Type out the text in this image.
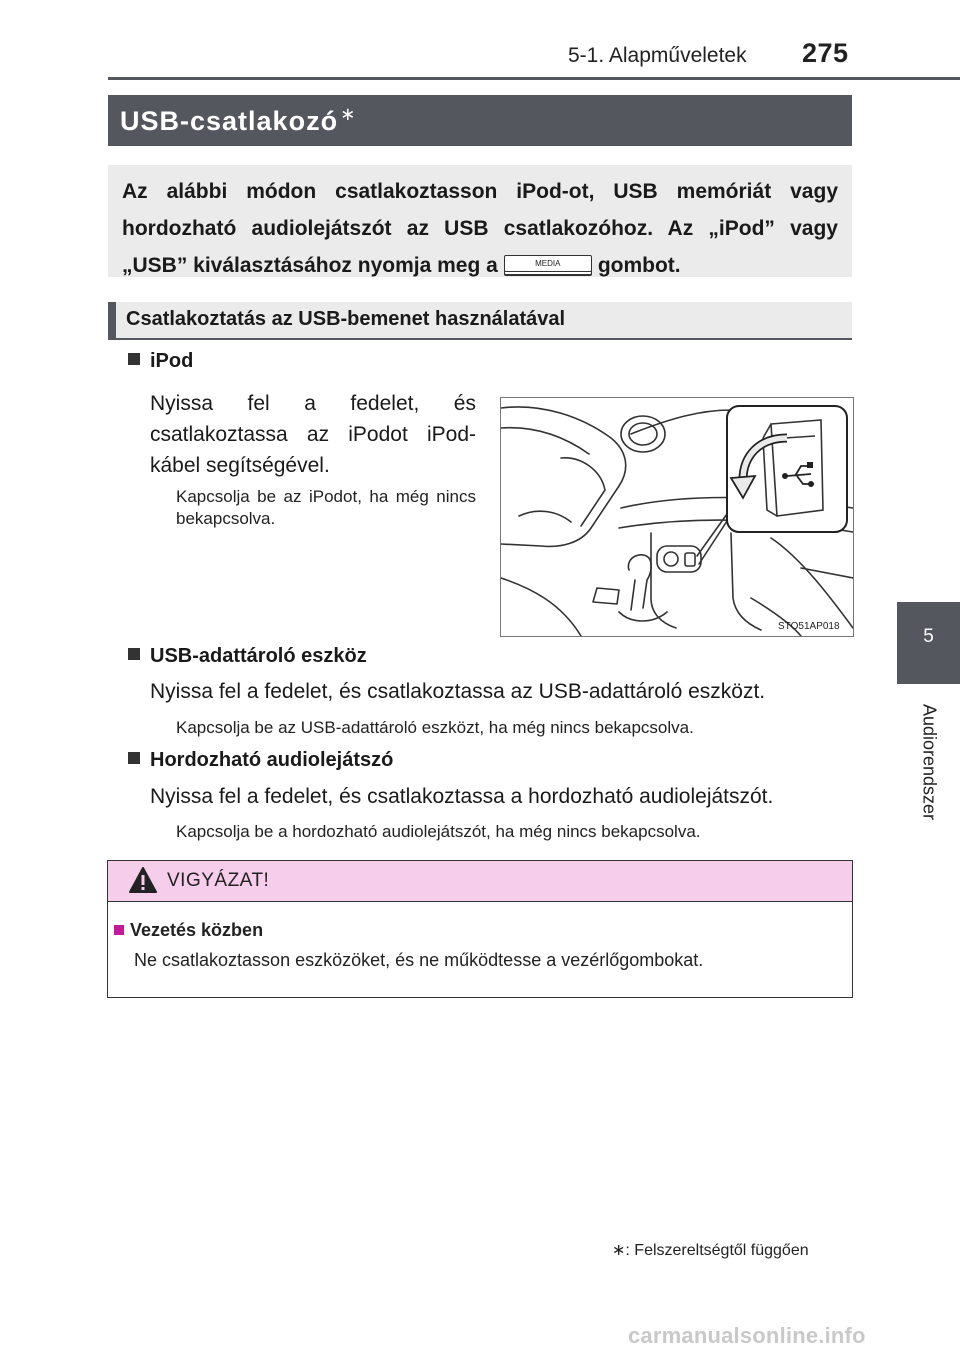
5-1. Alapműveletek 275
5
Audiorendszer
USB-csatlakozó ∗
Az alábbi módon csatlakoztasson iPod-ot, USB memóriát vagy hordozható audiolejátszót az USB csatlakozóhoz. Az „iPod” vagy „USB” kiválasztásához nyomja meg a	MEDIA	gombot.
Csatlakoztatás az USB-bemenet használatával
iPod
Nyissa fel a fedelet, és csatlakoztassa az iPodot iPod-kábel segítségével.
Kapcsolja be az iPodot, ha még nincs bekapcsolva.
STO51AP018
USB-adattároló eszköz
Nyissa fel a fedelet, és csatlakoztassa az USB-adattároló eszközt.
Kapcsolja be az USB-adattároló eszközt, ha még nincs bekapcsolva.
Hordozható audiolejátszó
Nyissa fel a fedelet, és csatlakoztassa a hordozható audiolejátszót.
Kapcsolja be a hordozható audiolejátszót, ha még nincs bekapcsolva.
VIGYÁZAT!
Vezetés közben
Ne csatlakoztasson eszközöket, és ne működtesse a vezérlőgombokat.
∗: Felszereltségtől függően
carmanualsonline.info
